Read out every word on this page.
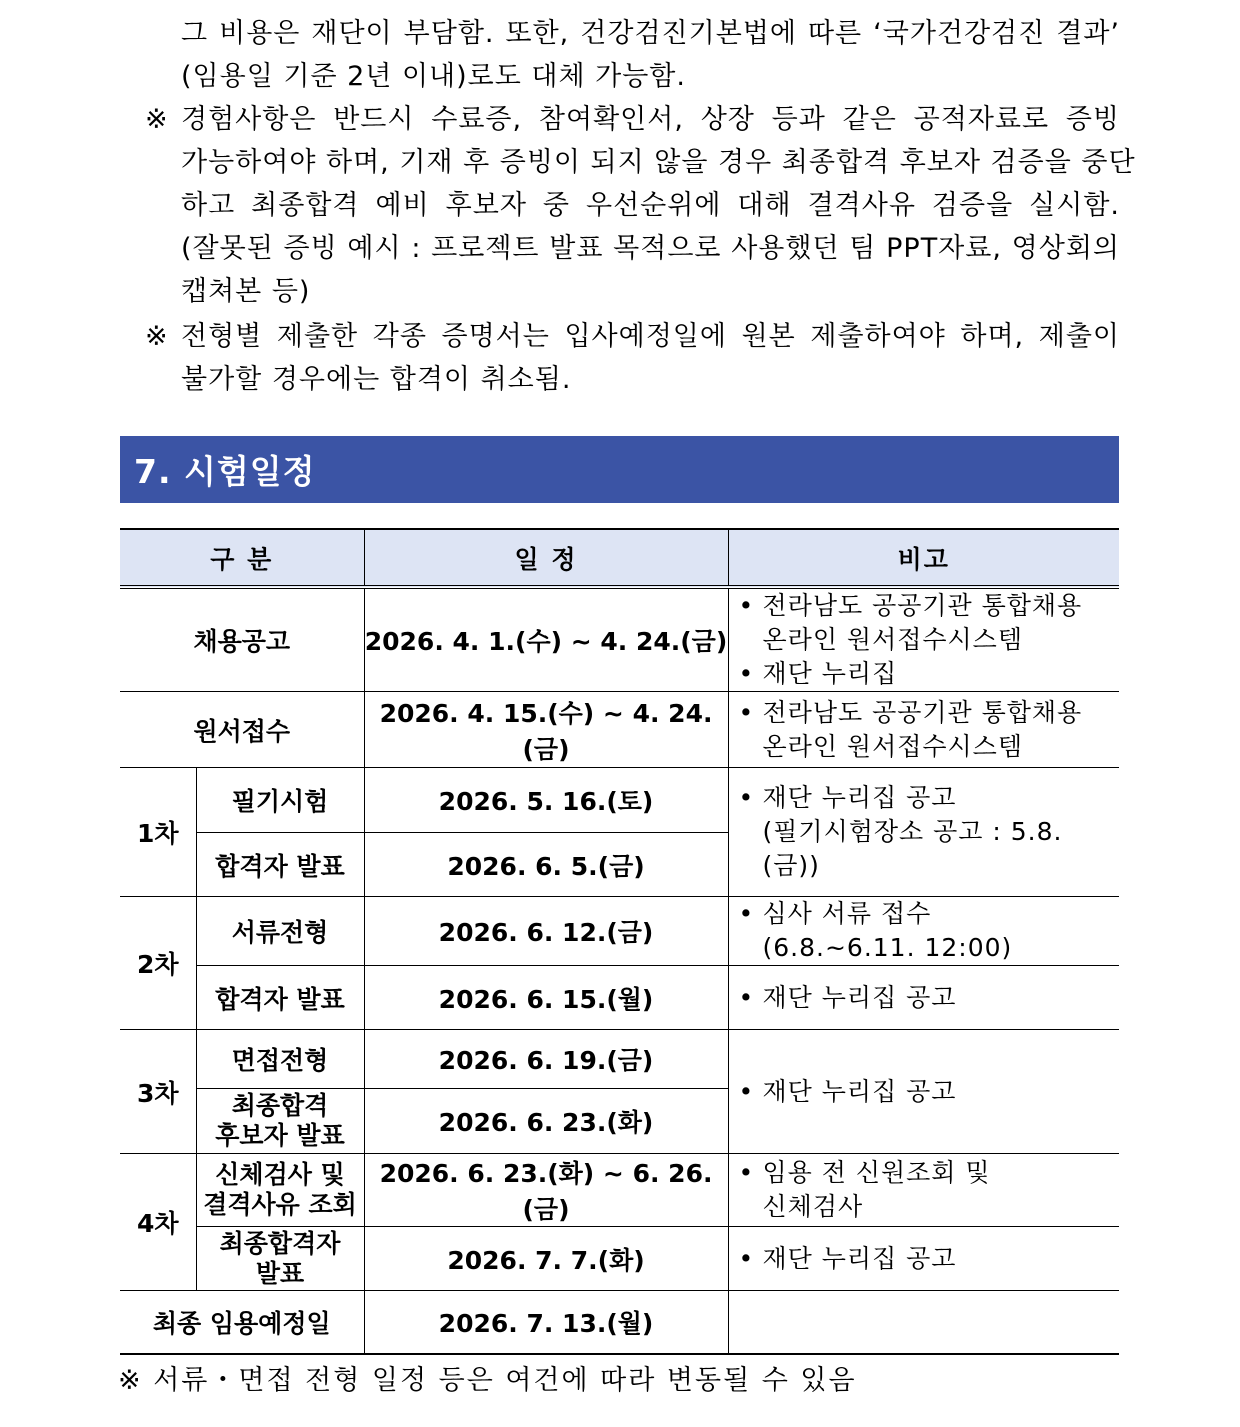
그 비용은 재단이 부담함. 또한, 건강검진기본법에 따른 ‘국가건강검진 결과’
(임용일 기준 2년 이내)로도 대체 가능함.
※ 경험사항은 반드시 수료증, 참여확인서, 상장 등과 같은 공적자료로 증빙
가능하여야 하며, 기재 후 증빙이 되지 않을 경우 최종합격 후보자 검증을 중단
하고 최종합격 예비 후보자 중 우선순위에 대해 결격사유 검증을 실시함.
(잘못된 증빙 예시 : 프로젝트 발표 목적으로 사용했던 팀 PPT자료, 영상회의
캡쳐본 등)
※ 전형별 제출한 각종 증명서는 입사예정일에 원본 제출하여야 하며, 제출이
불가할 경우에는 합격이 취소됨.
7. 시험일정
구 분		일 정	비고
채용공고		2026. 4. 1.(수) ~ 4. 24.(금)	• 전라남도 공공기관 통합채용
온라인 원서접수시스템
• 재단 누리집

원서접수		2026. 4. 15.(수) ~ 4. 24.(금)	• 전라남도 공공기관 통합채용
온라인 원서접수시스템

1차	필기시험	2026. 5. 16.(토)	• 재단 누리집 공고
(필기시험장소 공고 : 5.8.(금))

	합격자 발표	2026. 6. 5.(금)	
2차	서류전형	2026. 6. 12.(금)	• 심사 서류 접수
(6.8.~6.11. 12:00)

	합격자 발표	2026. 6. 15.(월)	• 재단 누리집 공고

3차	면접전형	2026. 6. 19.(금)	• 재단 누리집 공고

	최종합격
후보자 발표	2026. 6. 23.(화)	
4차	신체검사 및
결격사유 조회	2026. 6. 23.(화) ~ 6. 26.(금)	• 임용 전 신원조회 및
신체검사

	최종합격자
발표	2026. 7. 7.(화)	• 재단 누리집 공고

최종 임용예정일		2026. 7. 13.(월)	
※ 서류・면접 전형 일정 등은 여건에 따라 변동될 수 있음
